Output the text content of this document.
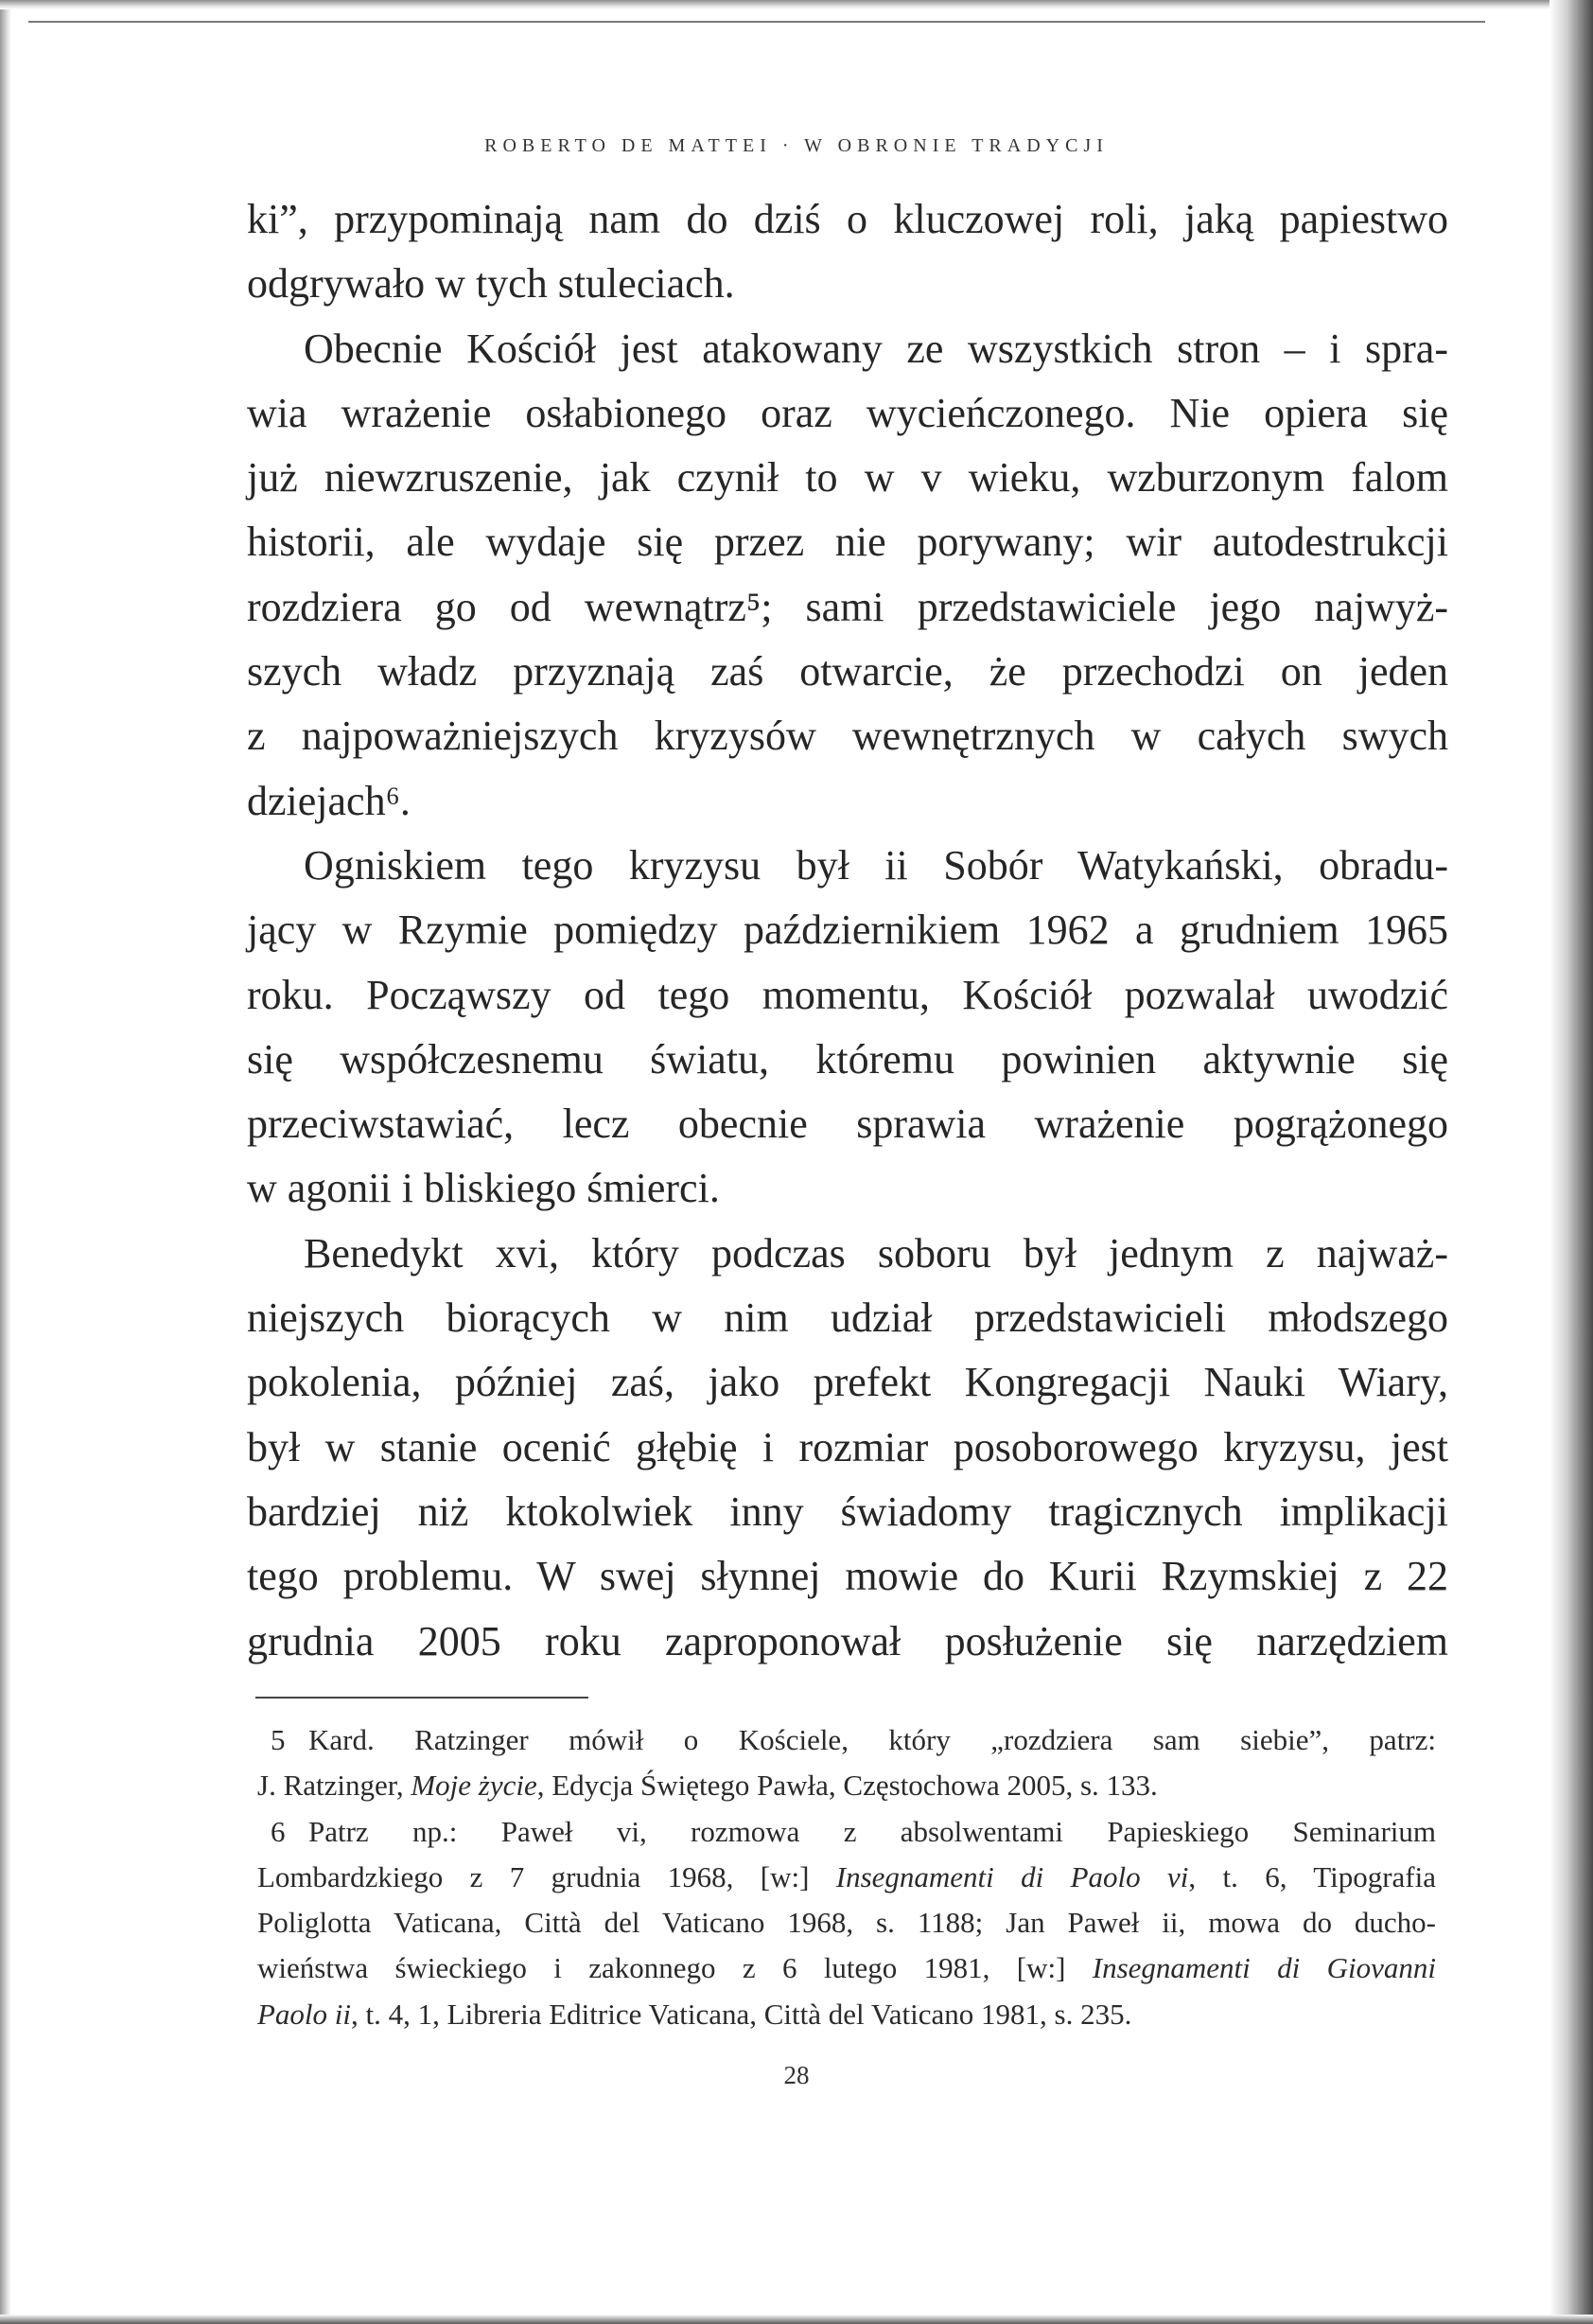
ROBERTO DE MATTEI · W OBRONIE TRADYCJI
ki”, przypominają nam do dziś o kluczowej roli, jaką papiestwo
odgrywało w tych stuleciach.
Obecnie Kościół jest atakowany ze wszystkich stron – i spra-
wia wrażenie osłabionego oraz wycieńczonego. Nie opiera się
już niewzruszenie, jak czynił to w v wieku, wzburzonym falom
historii, ale wydaje się przez nie porywany; wir autodestrukcji
rozdziera go od wewnątrz⁵; sami przedstawiciele jego najwyż-
szych władz przyznają zaś otwarcie, że przechodzi on jeden
z najpoważniejszych kryzysów wewnętrznych w całych swych
dziejach⁶.
Ogniskiem tego kryzysu był ii Sobór Watykański, obradu-
jący w Rzymie pomiędzy październikiem 1962 a grudniem 1965
roku. Począwszy od tego momentu, Kościół pozwalał uwodzić
się współczesnemu światu, któremu powinien aktywnie się
przeciwstawiać, lecz obecnie sprawia wrażenie pogrążonego
w agonii i bliskiego śmierci.
Benedykt xvi, który podczas soboru był jednym z najważ-
niejszych biorących w nim udział przedstawicieli młodszego
pokolenia, później zaś, jako prefekt Kongregacji Nauki Wiary,
był w stanie ocenić głębię i rozmiar posoborowego kryzysu, jest
bardziej niż ktokolwiek inny świadomy tragicznych implikacji
tego problemu. W swej słynnej mowie do Kurii Rzymskiej z 22
grudnia 2005 roku zaproponował posłużenie się narzędziem
5 Kard. Ratzinger mówił o Kościele, który „rozdziera sam siebie”, patrz:
J. Ratzinger, Moje życie, Edycja Świętego Pawła, Częstochowa 2005, s. 133.
6 Patrz np.: Paweł vi, rozmowa z absolwentami Papieskiego Seminarium
Lombardzkiego z 7 grudnia 1968, [w:] Insegnamenti di Paolo vi, t. 6, Tipografia
Poliglotta Vaticana, Città del Vaticano 1968, s. 1188; Jan Paweł ii, mowa do ducho-
wieństwa świeckiego i zakonnego z 6 lutego 1981, [w:] Insegnamenti di Giovanni
Paolo ii, t. 4, 1, Libreria Editrice Vaticana, Città del Vaticano 1981, s. 235.
28
